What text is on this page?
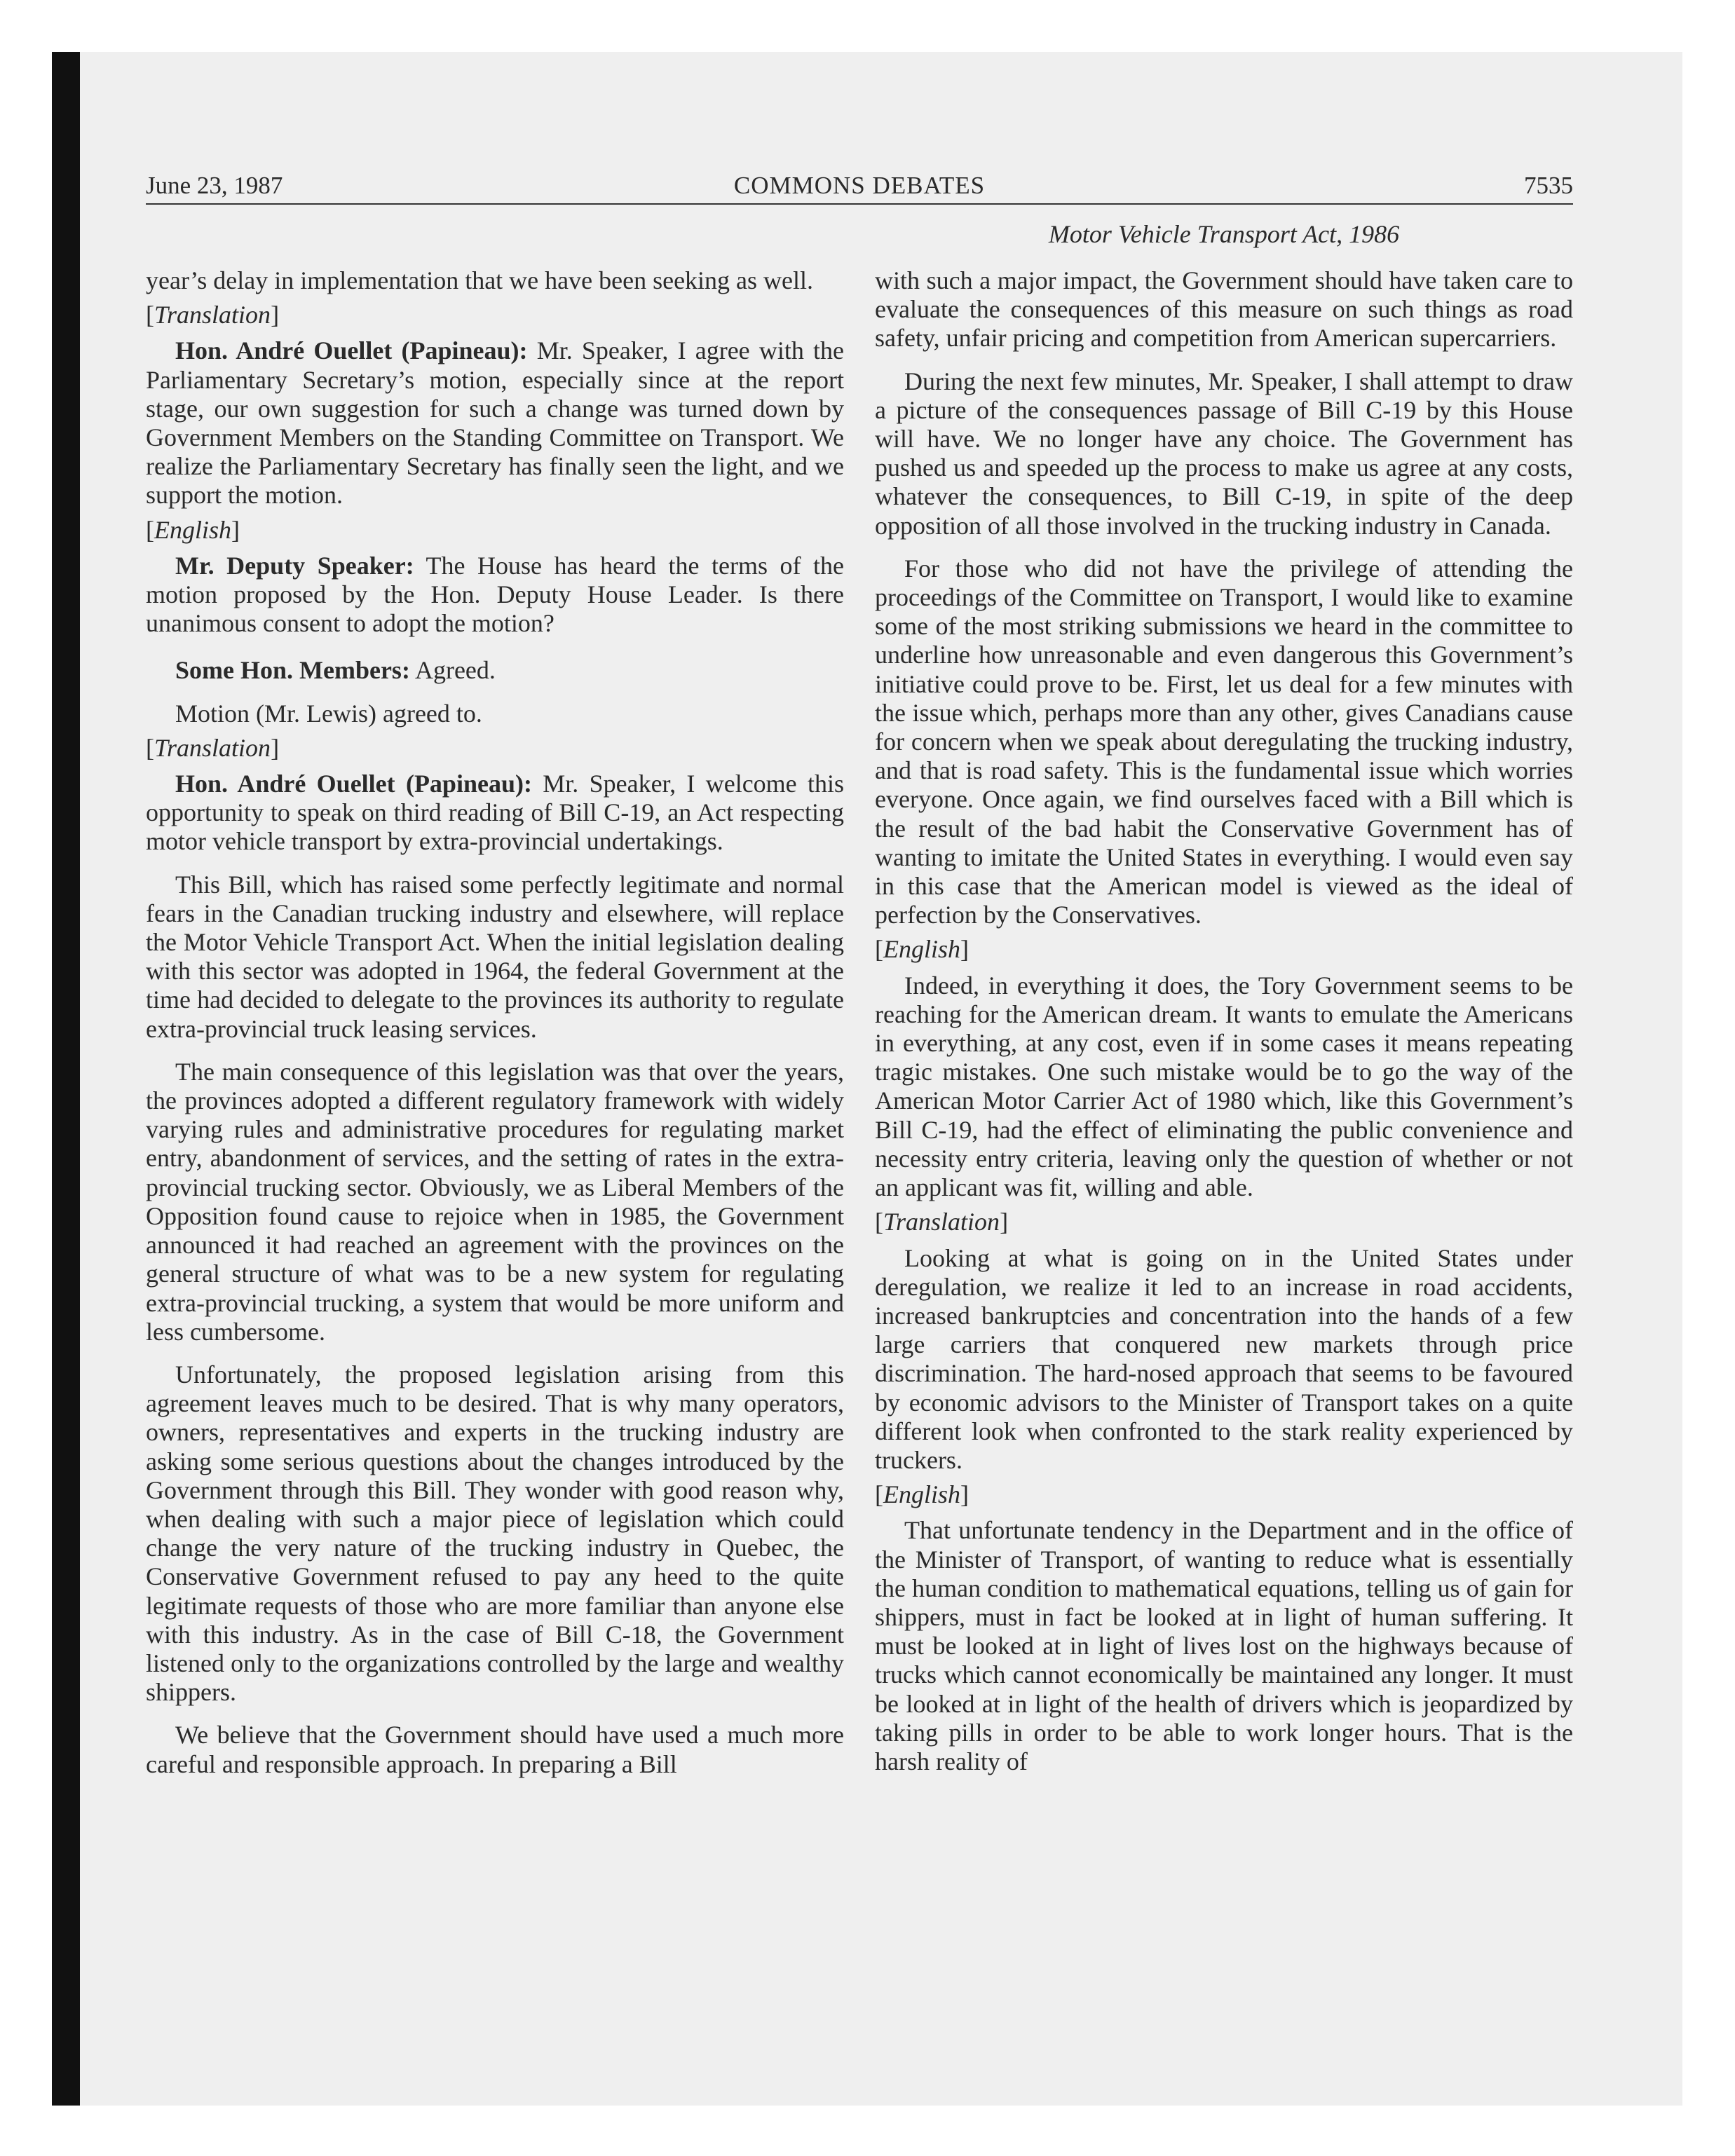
June 23, 1987	COMMONS DEBATES	7535
Motor Vehicle Transport Act, 1986

year’s delay in implementation that we have been seeking as well.

[ Translation ]

Hon. André Ouellet (Papineau): Mr. Speaker, I agree with the Parliamentary Secretary’s motion, especially since at the report stage, our own suggestion for such a change was turned down by Government Members on the Standing Committee on Transport. We realize the Parliamentary Secretary has finally seen the light, and we support the motion.

[ English ]

Mr. Deputy Speaker: The House has heard the terms of the motion proposed by the Hon. Deputy House Leader. Is there unanimous consent to adopt the motion?

Some Hon. Members: Agreed.

Motion (Mr. Lewis) agreed to.

[ Translation ]

Hon. André Ouellet (Papineau): Mr. Speaker, I welcome this opportunity to speak on third reading of Bill C-19, an Act respecting motor vehicle transport by extra-provincial undertakings.

This Bill, which has raised some perfectly legitimate and normal fears in the Canadian trucking industry and elsewhere, will replace the Motor Vehicle Transport Act. When the initial legislation dealing with this sector was adopted in 1964, the federal Government at the time had decided to delegate to the provinces its authority to regulate extra-provincial truck leasing services.

The main consequence of this legislation was that over the years, the provinces adopted a different regulatory framework with widely varying rules and administrative procedures for regulating market entry, abandonment of services, and the setting of rates in the extra-provincial trucking sector. Obviously, we as Liberal Members of the Opposition found cause to rejoice when in 1985, the Government announced it had reached an agreement with the provinces on the general structure of what was to be a new system for regulating extra-provincial trucking, a system that would be more uniform and less cumbersome.

Unfortunately, the proposed legislation arising from this agreement leaves much to be desired. That is why many operators, owners, representatives and experts in the trucking industry are asking some serious questions about the changes introduced by the Government through this Bill. They wonder with good reason why, when dealing with such a major piece of legislation which could change the very nature of the trucking industry in Quebec, the Conservative Government refused to pay any heed to the quite legitimate requests of those who are more familiar than anyone else with this industry. As in the case of Bill C-18, the Government listened only to the organizations controlled by the large and wealthy shippers.

We believe that the Government should have used a much more careful and responsible approach. In preparing a Bill

with such a major impact, the Government should have taken care to evaluate the consequences of this measure on such things as road safety, unfair pricing and competition from American supercarriers.

During the next few minutes, Mr. Speaker, I shall attempt to draw a picture of the consequences passage of Bill C-19 by this House will have. We no longer have any choice. The Government has pushed us and speeded up the process to make us agree at any costs, whatever the consequences, to Bill C-19, in spite of the deep opposition of all those involved in the trucking industry in Canada.

For those who did not have the privilege of attending the proceedings of the Committee on Transport, I would like to examine some of the most striking submissions we heard in the committee to underline how unreasonable and even dangerous this Government’s initiative could prove to be. First, let us deal for a few minutes with the issue which, perhaps more than any other, gives Canadians cause for concern when we speak about deregulating the trucking industry, and that is road safety. This is the fundamental issue which worries everyone. Once again, we find ourselves faced with a Bill which is the result of the bad habit the Conservative Government has of wanting to imitate the United States in everything. I would even say in this case that the American model is viewed as the ideal of perfection by the Conservatives.

[ English ]

Indeed, in everything it does, the Tory Government seems to be reaching for the American dream. It wants to emulate the Americans in everything, at any cost, even if in some cases it means repeating tragic mistakes. One such mistake would be to go the way of the American Motor Carrier Act of 1980 which, like this Government’s Bill C-19, had the effect of eliminating the public convenience and necessity entry criteria, leaving only the question of whether or not an applicant was fit, willing and able.

[ Translation ]

Looking at what is going on in the United States under deregulation, we realize it led to an increase in road accidents, increased bankruptcies and concentration into the hands of a few large carriers that conquered new markets through price discrimination. The hard-nosed approach that seems to be favoured by economic advisors to the Minister of Transport takes on a quite different look when confronted to the stark reality experienced by truckers.

[ English ]

That unfortunate tendency in the Department and in the office of the Minister of Transport, of wanting to reduce what is essentially the human condition to mathematical equations, telling us of gain for shippers, must in fact be looked at in light of human suffering. It must be looked at in light of lives lost on the highways because of trucks which cannot economically be maintained any longer. It must be looked at in light of the health of drivers which is jeopardized by taking pills in order to be able to work longer hours. That is the harsh reality of
